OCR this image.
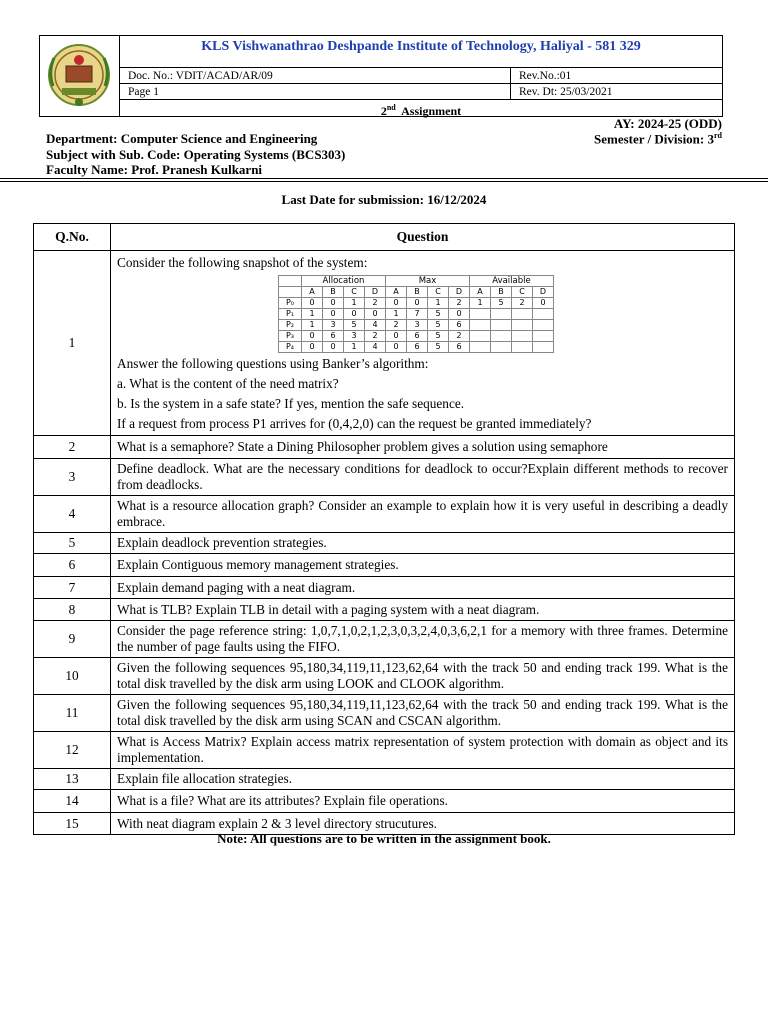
KLS Vishwanathrao Deshpande Institute of Technology, Haliyal - 581 329
Doc. No.: VDIT/ACAD/AR/09	Rev.No.:01
Page 1	Rev. Dt: 25/03/2021
2nd Assignment
AY: 2024-25 (ODD)
Department: Computer Science and Engineering	Semester / Division: 3rd
Subject with Sub. Code: Operating Systems (BCS303)
Faculty Name: Prof. Pranesh Kulkarni
Last Date for submission: 16/12/2024
Q.No.	Question
1	
Consider the following snapshot of the system:
	Allocation	Max	Available
	A	B	C	D	A	B	C	D	A	B	C	D
P₀	0	0	1	2	0	0	1	2	1	5	2	0
P₁	1	0	0	0	1	7	5	0				
P₂	1	3	5	4	2	3	5	6				
P₃	0	6	3	2	0	6	5	2				
P₄	0	0	1	4	0	6	5	6				
Answer the following questions using Banker’s algorithm:
a. What is the content of the need matrix?
b. Is the system in a safe state? If yes, mention the safe sequence.
If a request from process P1 arrives for (0,4,2,0) can the request be granted immediately?

2	What is a semaphore? State a Dining Philosopher problem gives a solution using semaphore
3	Define deadlock. What are the necessary conditions for deadlock to occur?Explain different methods to recover from deadlocks.
4	What is a resource allocation graph? Consider an example to explain how it is very useful in describing a deadly embrace.
5	Explain deadlock prevention strategies.
6	Explain Contiguous memory management strategies.
7	Explain demand paging with a neat diagram.
8	What is TLB? Explain TLB in detail with a paging system with a neat diagram.
9	Consider the page reference string: 1,0,7,1,0,2,1,2,3,0,3,2,4,0,3,6,2,1 for a memory with three frames. Determine the number of page faults using the FIFO.
10	Given the following sequences 95,180,34,119,11,123,62,64 with the track 50 and ending track 199. What is the total disk travelled by the disk arm using LOOK and CLOOK algorithm.
11	Given the following sequences 95,180,34,119,11,123,62,64 with the track 50 and ending track 199. What is the total disk travelled by the disk arm using SCAN and CSCAN algorithm.
12	What is Access Matrix? Explain access matrix representation of system protection with domain as object and its implementation.
13	Explain file allocation strategies.
14	What is a file? What are its attributes? Explain file operations.
15	With neat diagram explain 2 & 3 level directory strucutures.
Note: All questions are to be written in the assignment book.
